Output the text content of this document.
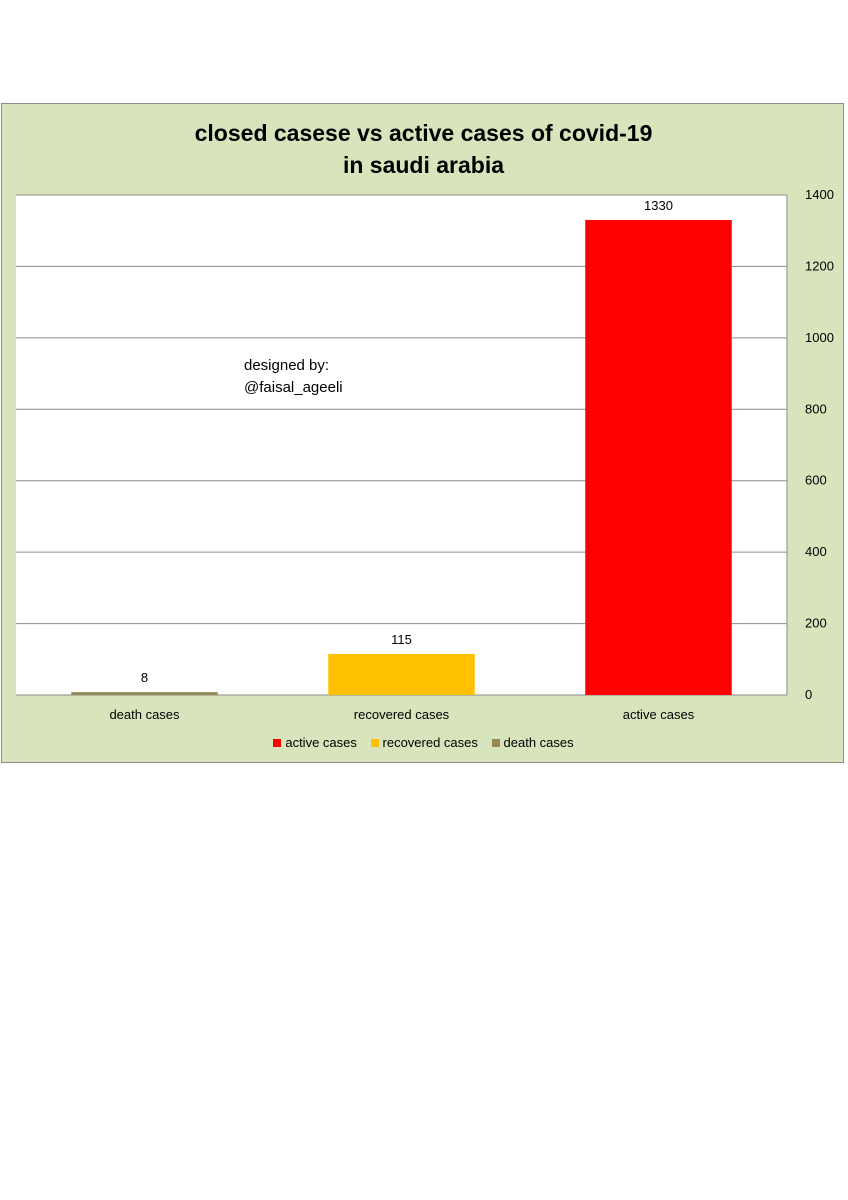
closed casese vs active cases of covid-19
in saudi arabia
8
115
1330
0
200
400
600
800
1000
1200
1400
death cases	recovered cases	active cases
designed by:
@faisal_ageeli
active cases recovered cases death cases
